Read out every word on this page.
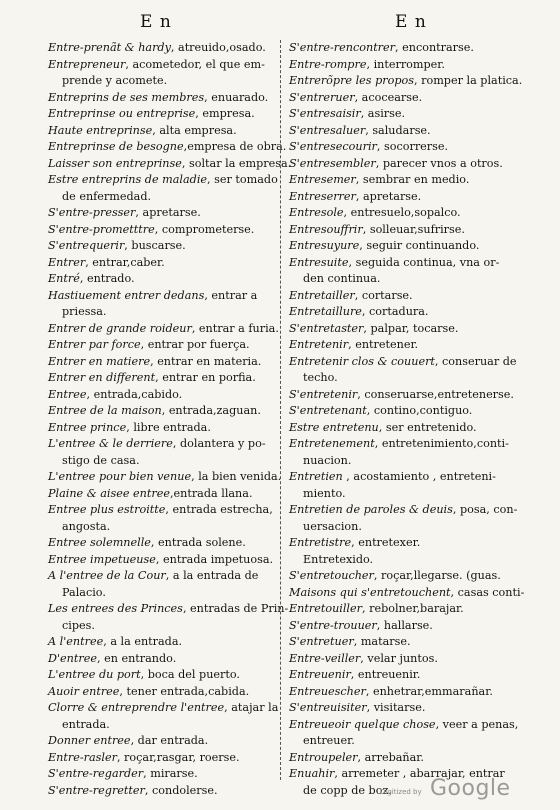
E n	E n
Entre-prenãt & hardy, atreuido,osado.
Entrepreneur, acometedor, el que em-
prende y acomete.
Entreprins de ses membres, enuarado.
Entreprinse ou entreprise, empresa.
Haute entreprinse, alta empresa.
Entreprinse de besogne,empresa de obra.
Laisser son entreprinse, soltar la empresa.
Estre entreprins de maladie, ser tomado
de enfermedad.
S'entre-presser, apretarse.
S'entre-prometttre, comprometerse.
S'entrequerir, buscarse.
Entrer, entrar,caber.
Entré, entrado.
Hastiuement entrer dedans, entrar a
priessa.
Entrer de grande roideur, entrar a furia.
Entrer par force, entrar por fuerça.
Entrer en matiere, entrar en materia.
Entrer en different, entrar en porfia.
Entree, entrada,cabido.
Entree de la maison, entrada,zaguan.
Entree prince, libre entrada.
L'entree & le derriere, dolantera y po-
stigo de casa.
L'entree pour bien venue, la bien venida.
Plaine & aisee entree,entrada llana.
Entree plus estroitte, entrada estrecha,
angosta.
Entree solemnelle, entrada solene.
Entree impetueuse, entrada impetuosa.
A l'entree de la Cour, a la entrada de
Palacio.
Les entrees des Princes, entradas de Prin-
cipes.
A l'entree, a la entrada.
D'entree, en entrando.
L'entree du port, boca del puerto.
Auoir entree, tener entrada,cabida.
Clorre & entreprendre l'entree, atajar la
entrada.
Donner entree, dar entrada.
Entre-rasler, roçar,rasgar, roerse.
S'entre-regarder, mirarse.
S'entre-regretter, condolerse.
S'entre-rencontrer, encontrarse.
Entre-rompre, interromper.
Entrerõpre les propos, romper la platica.
S'entreruer, acocearse.
S'entresaisir, asirse.
S'entresaluer, saludarse.
S'entresecourir, socorrerse.
S'entresembler, parecer vnos a otros.
Entresemer, sembrar en medio.
Entreserrer, apretarse.
Entresole, entresuelo,sopalco.
Entresouffrir, solleuar,sufrirse.
Entresuyure, seguir continuando.
Entresuite, seguida continua, vna or-
den continua.
Entretailler, cortarse.
Entretaillure, cortadura.
S'entretaster, palpar, tocarse.
Entretenir, entretener.
Entretenir clos & couuert, conseruar de
techo.
S'entretenir, conseruarse,entretenerse.
S'entretenant, contino,contiguo.
Estre entretenu, ser entretenido.
Entretenement, entretenimiento,conti-
nuacion.
Entretien , acostamiento , entreteni-
miento.
Entretien de paroles & deuis, posa, con-
uersacion.
Entretistre, entretexer.
Entretexido.
S'entretoucher, roçar,llegarse. (guas.
Maisons qui s'entretouchent, casas conti-
Entretouiller, rebolner,barajar.
S'entre-trouuer, hallarse.
S'entretuer, matarse.
Entre-veiller, velar juntos.
Entreuenir, entreuenir.
Entreuescher, enhetrar,emmarañar.
S'entreuisiter, visitarse.
Entreueoir quelque chose, veer a penas,
entreuer.
Entroupeler, arrebañar.
Enuahir, arremeter , abarrajar, entrar
de copp de boz.
Digitized by Google
